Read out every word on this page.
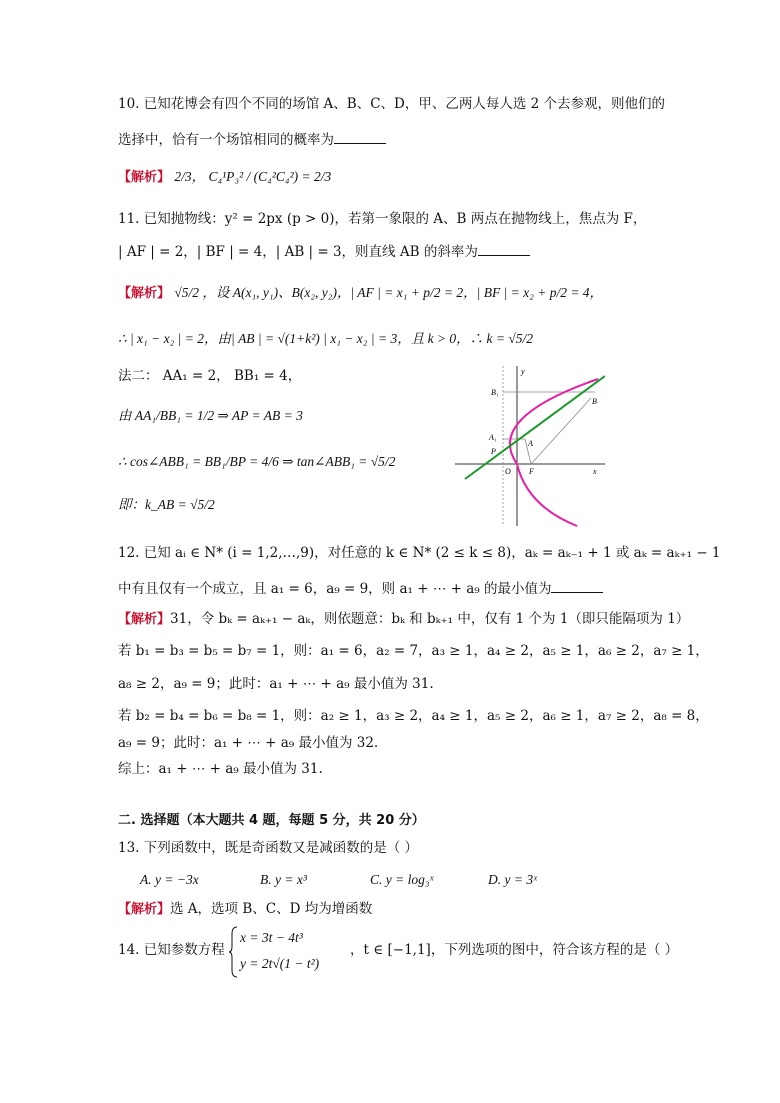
10. 已知花博会有四个不同的场馆 A、B、C、D，甲、乙两人每人选 2 个去参观，则他们的
选择中，恰有一个场馆相同的概率为
【解析】 2/3， C₄¹P₃² / (C₄²C₄²) = 2/3
11. 已知抛物线：y² = 2px (p > 0)，若第一象限的 A、B 两点在抛物线上，焦点为 F，
| AF | = 2，| BF | = 4，| AB | = 3，则直线 AB 的斜率为
【解析】 √5/2 ，设 A(x₁, y₁)、B(x₂, y₂)，| AF | = x₁ + p/2 = 2，| BF | = x₂ + p/2 = 4，
∴ | x₁ − x₂ | = 2，由| AB | = √(1+k²) | x₁ − x₂ | = 3，且 k > 0，∴ k = √5/2
法二： AA₁ = 2， BB₁ = 4，
由 AA₁/BB₁ = 1/2 ⇒ AP = AB = 3
∴ cos∠ABB₁ = BB₁/BP = 4/6 ⇒ tan∠ABB₁ = √5/2
即：k_AB = √5/2
B₁
A₁
P
O F
A
B
x
y
12. 已知 aᵢ ∈ N* (i = 1,2,…,9)，对任意的 k ∈ N* (2 ≤ k ≤ 8)，aₖ = aₖ₋₁ + 1 或 aₖ = aₖ₊₁ − 1
中有且仅有一个成立，且 a₁ = 6，a₉ = 9，则 a₁ + ⋯ + a₉ 的最小值为
【解析】31，令 bₖ = aₖ₊₁ − aₖ，则依题意：bₖ 和 bₖ₊₁ 中，仅有 1 个为 1（即只能隔项为 1）
若 b₁ = b₃ = b₅ = b₇ = 1，则：a₁ = 6，a₂ = 7，a₃ ≥ 1，a₄ ≥ 2，a₅ ≥ 1，a₆ ≥ 2，a₇ ≥ 1，
a₈ ≥ 2，a₉ = 9；此时：a₁ + ⋯ + a₉ 最小值为 31.
若 b₂ = b₄ = b₆ = b₈ = 1，则：a₂ ≥ 1，a₃ ≥ 2，a₄ ≥ 1，a₅ ≥ 2，a₆ ≥ 1，a₇ ≥ 2，a₈ = 8，
a₉ = 9；此时：a₁ + ⋯ + a₉ 最小值为 32.
综上：a₁ + ⋯ + a₉ 最小值为 31.
二. 选择题（本大题共 4 题，每题 5 分，共 20 分）
13. 下列函数中，既是奇函数又是减函数的是（ ）
A. y = −3x	B. y = x³	C. y = log₃ˣ	D. y = 3ˣ
【解析】选 A，选项 B、C、D 均为增函数
14. 已知参数方程
x = 3t − 4t³
y = 2t√(1 − t²)
，t ∈ [−1,1]，下列选项的图中，符合该方程的是（ ）
